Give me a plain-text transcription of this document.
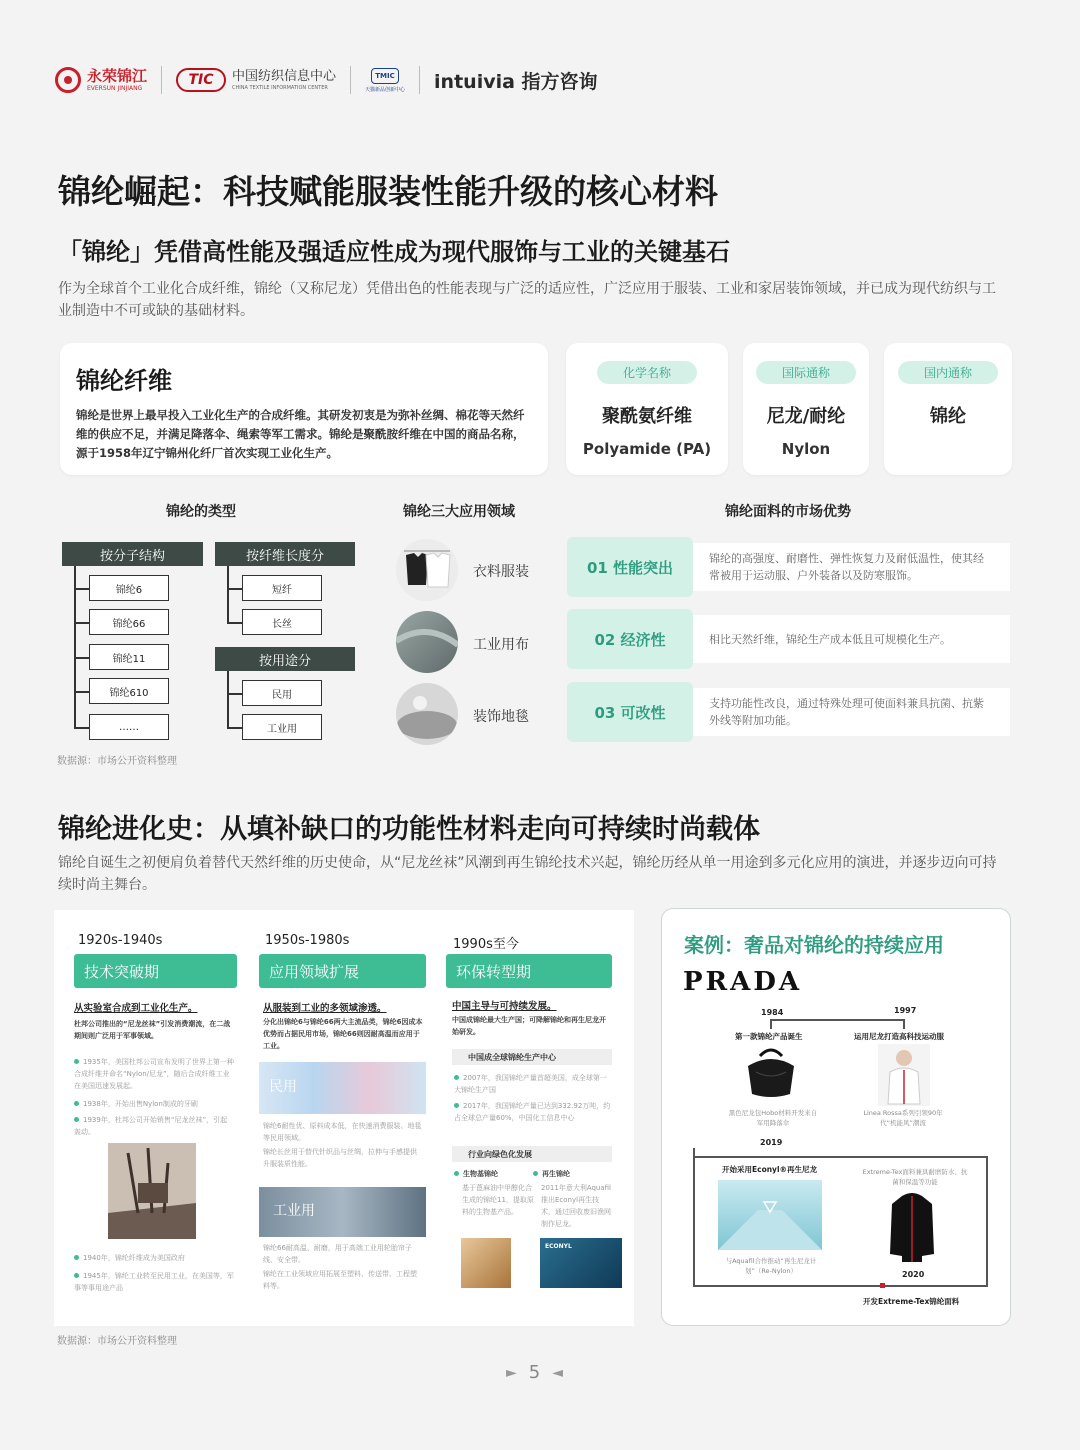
永荣锦江
EVERSUN JINJIANG	TIC	中国纺织信息中心
CHINA TEXTILE INFORMATION CENTER
TMIC
天猫新品创新中心 intuivia 指方咨询
锦纶崛起：科技赋能服装性能升级的核心材料
「锦纶」凭借高性能及强适应性成为现代服饰与工业的关键基石
作为全球首个工业化合成纤维，锦纶（又称尼龙）凭借出色的性能表现与广泛的适应性，广泛应用于服装、工业和家居装饰领域，并已成为现代纺织与工业制造中不可或缺的基础材料。
锦纶纤维
锦纶是世界上最早投入工业化生产的合成纤维。其研发初衷是为弥补丝绸、棉花等天然纤维的供应不足，并满足降落伞、绳索等军工需求。锦纶是聚酰胺纤维在中国的商品名称，源于1958年辽宁锦州化纤厂首次实现工业化生产。
化学名称
聚酰氨纤维
Polyamide (PA)
国际通称
尼龙/耐纶
Nylon
国内通称
锦纶
锦纶的类型	锦纶三大应用领域	锦纶面料的市场优势
按分子结构
锦纶6
锦纶66
锦纶11
锦纶610
……
按纤维长度分
短纤
长丝
按用途分
民用
工业用
数据源：市场公开资料整理
衣料服装
工业用布
装饰地毯
01 性能突出	锦纶的高强度、耐磨性、弹性恢复力及耐低温性，使其经常被用于运动服、户外装备以及防寒服饰。
02 经济性	相比天然纤维，锦纶生产成本低且可规模化生产。
03 可改性	支持功能性改良，通过特殊处理可使面料兼具抗菌、抗紫外线等附加功能。
锦纶进化史：从填补缺口的功能性材料走向可持续时尚载体
锦纶自诞生之初便肩负着替代天然纤维的历史使命，从“尼龙丝袜”风潮到再生锦纶技术兴起，锦纶历经从单一用途到多元化应用的演进，并逐步迈向可持续时尚主舞台。
1920s-1940s
技术突破期
从实验室合成到工业化生产。
杜邦公司推出的“尼龙丝袜”引发消费潮流，在二战期间则广泛用于军事领域。
1935年，美国杜邦公司宣布发明了世界上第一种合成纤维并命名“Nylon/尼龙”，随后合成纤维工业在美国迅速发展起。
1938年，开始出售Nylon制成的牙刷
1939年，杜邦公司开始销售“尼龙丝袜”，引起轰动。
1940年，锦纶纤维成为美国政府
1945年，锦纶工业转至民用工业，在美国等，军事等事用途产品
1950s-1980s
应用领域扩展
从服装到工业的多领域渗透。
分化出锦纶6与锦纶66两大主流品类，锦纶6因成本优势而占据民用市场，锦纶66则因耐高温而应用于工业。
民用
锦纶6耐性优、原料成本低，在快速消费服装、地毯等民用领域。
锦纶长丝用于替代针织品与丝绸，拉伸与手感提供升服装质性能。
工业用
锦纶66耐高温、耐磨，用于高端工业用轮胎帘子线、安全带。
锦纶在工业领域应用拓展至塑料、传送带、工程塑料等。
1990s至今
环保转型期
中国主导与可持续发展。
中国成锦纶最大生产国；可降解锦纶和再生尼龙开始研发。
中国成全球锦纶生产中心
2007年，我国锦纶产量首超美国，成全球第一大锦纶生产国
2017年，我国锦纶产量已达到332.92万吨，约占全球总产量60%，中国化工信息中心
行业向绿色化发展
生物基锦纶
基于蓖麻油中甲醇化合生成的锦纶11，提取原料的生物基产品。
再生锦纶
2011年意大利Aquafil推出Econyl再生技术，通过回收废旧渔网制作尼龙。
ECONYL
数据源：市场公开资料整理
案例：奢品对锦纶的持续应用
PRADA
1984
第一款锦纶产品诞生
黑色尼龙包Hobo材料开发来自军用降落伞
1997
运用尼龙打造高科技运动服
Linea Rossa系列引领90年代“机能风”潮流
2019
开始采用Econyl®再生尼龙
与Aquafil合作推动“再生尼龙计划”（Re-Nylon）
Extreme-Tex面料兼具耐磨防水、抗菌和保温等功能
2020
开发Extreme-Tex锦纶面料
► 5 ◄
